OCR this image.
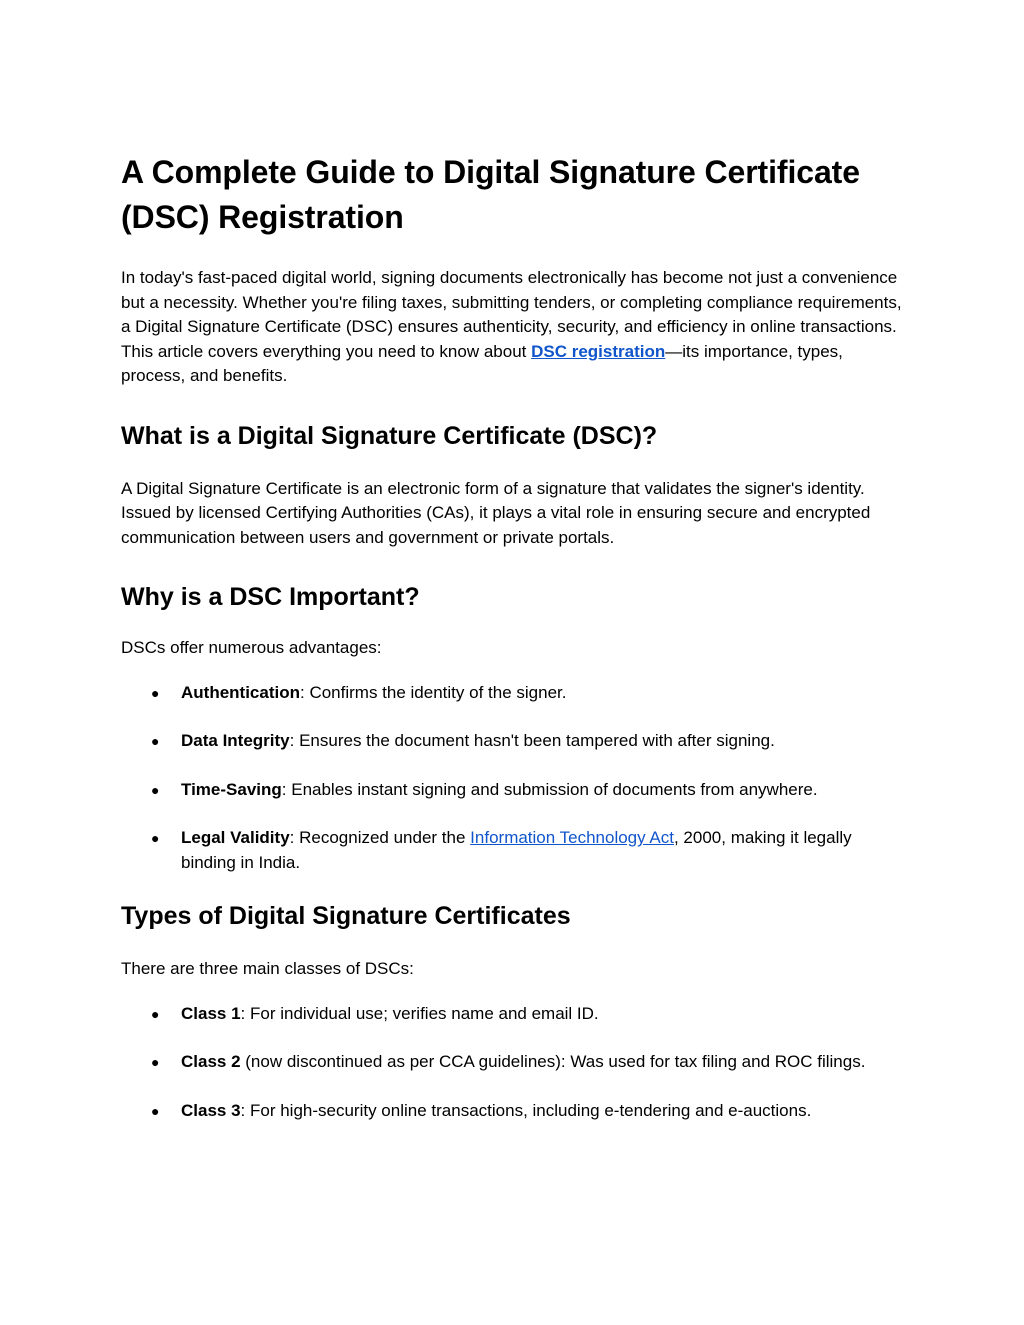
A Complete Guide to Digital Signature Certificate (DSC) Registration

In today's fast-paced digital world, signing documents electronically has become not just a convenience but a necessity. Whether you're filing taxes, submitting tenders, or completing compliance requirements, a Digital Signature Certificate (DSC) ensures authenticity, security, and efficiency in online transactions. This article covers everything you need to know about DSC registration—its importance, types, process, and benefits.

What is a Digital Signature Certificate (DSC)?

A Digital Signature Certificate is an electronic form of a signature that validates the signer's identity. Issued by licensed Certifying Authorities (CAs), it plays a vital role in ensuring secure and encrypted communication between users and government or private portals.

Why is a DSC Important?

DSCs offer numerous advantages:

● Authentication: Confirms the identity of the signer.
● Data Integrity: Ensures the document hasn't been tampered with after signing.
● Time-Saving: Enables instant signing and submission of documents from anywhere.
● Legal Validity: Recognized under the Information Technology Act, 2000, making it legally binding in India.
Types of Digital Signature Certificates

There are three main classes of DSCs:

● Class 1: For individual use; verifies name and email ID.
● Class 2 (now discontinued as per CCA guidelines): Was used for tax filing and ROC filings.
● Class 3: For high-security online transactions, including e-tendering and e-auctions.
